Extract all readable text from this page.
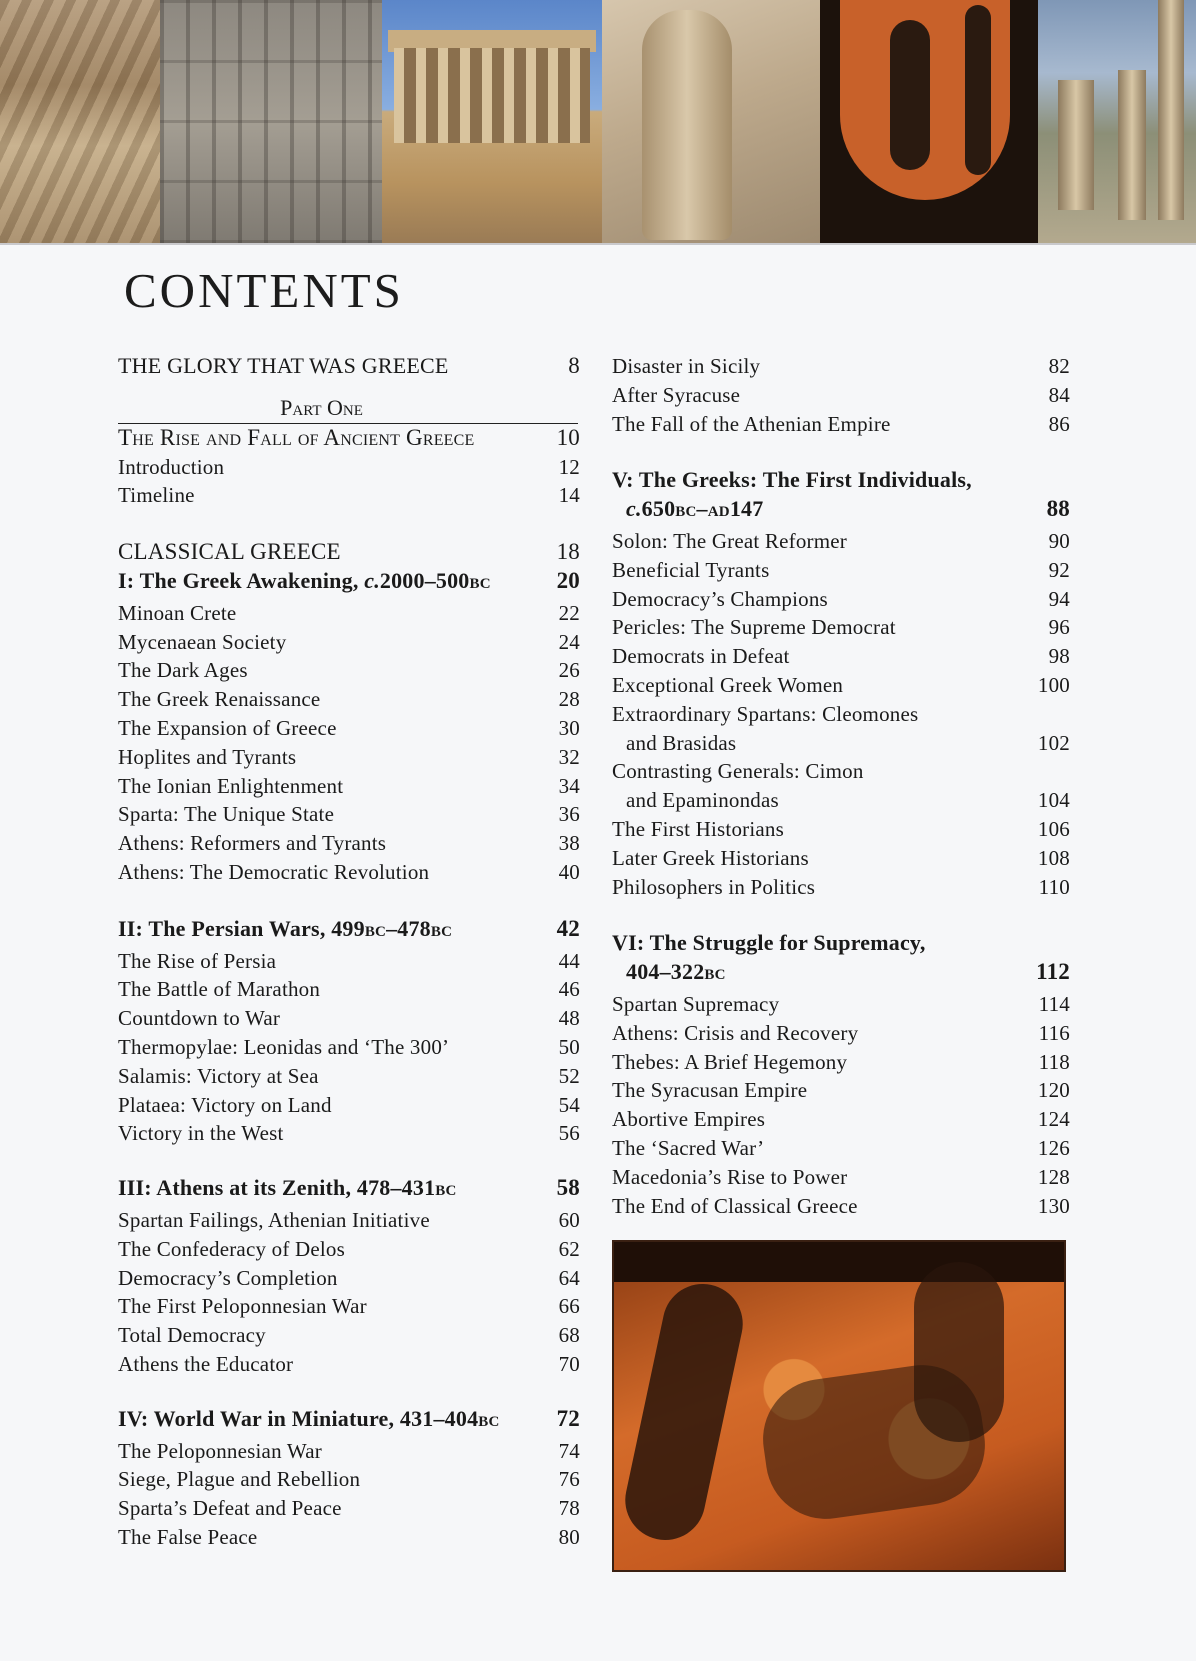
CONTENTS
THE GLORY THAT WAS GREECE	8
Part One
The Rise and Fall of Ancient Greece	10
Introduction	12
Timeline	14
CLASSICAL GREECE	18
I: The Greek Awakening, c.2000–500BC	20
Minoan Crete	22
Mycenaean Society	24
The Dark Ages	26
The Greek Renaissance	28
The Expansion of Greece	30
Hoplites and Tyrants	32
The Ionian Enlightenment	34
Sparta: The Unique State	36
Athens: Reformers and Tyrants	38
Athens: The Democratic Revolution	40
II: The Persian Wars, 499BC–478BC	42
The Rise of Persia	44
The Battle of Marathon	46
Countdown to War	48
Thermopylae: Leonidas and ‘The 300’	50
Salamis: Victory at Sea	52
Plataea: Victory on Land	54
Victory in the West	56
III: Athens at its Zenith, 478–431BC	58
Spartan Failings, Athenian Initiative	60
The Confederacy of Delos	62
Democracy’s Completion	64
The First Peloponnesian War	66
Total Democracy	68
Athens the Educator	70
IV: World War in Miniature, 431–404BC	72
The Peloponnesian War	74
Siege, Plague and Rebellion	76
Sparta’s Defeat and Peace	78
The False Peace	80
Disaster in Sicily	82
After Syracuse	84
The Fall of the Athenian Empire	86
V: The Greeks: The First Individuals,
c.650BC–AD147	88
Solon: The Great Reformer	90
Beneficial Tyrants	92
Democracy’s Champions	94
Pericles: The Supreme Democrat	96
Democrats in Defeat	98
Exceptional Greek Women	100
Extraordinary Spartans: Cleomones
and Brasidas	102
Contrasting Generals: Cimon
and Epaminondas	104
The First Historians	106
Later Greek Historians	108
Philosophers in Politics	110
VI: The Struggle for Supremacy,
404–322BC	112
Spartan Supremacy	114
Athens: Crisis and Recovery	116
Thebes: A Brief Hegemony	118
The Syracusan Empire	120
Abortive Empires	124
The ‘Sacred War’	126
Macedonia’s Rise to Power	128
The End of Classical Greece	130
